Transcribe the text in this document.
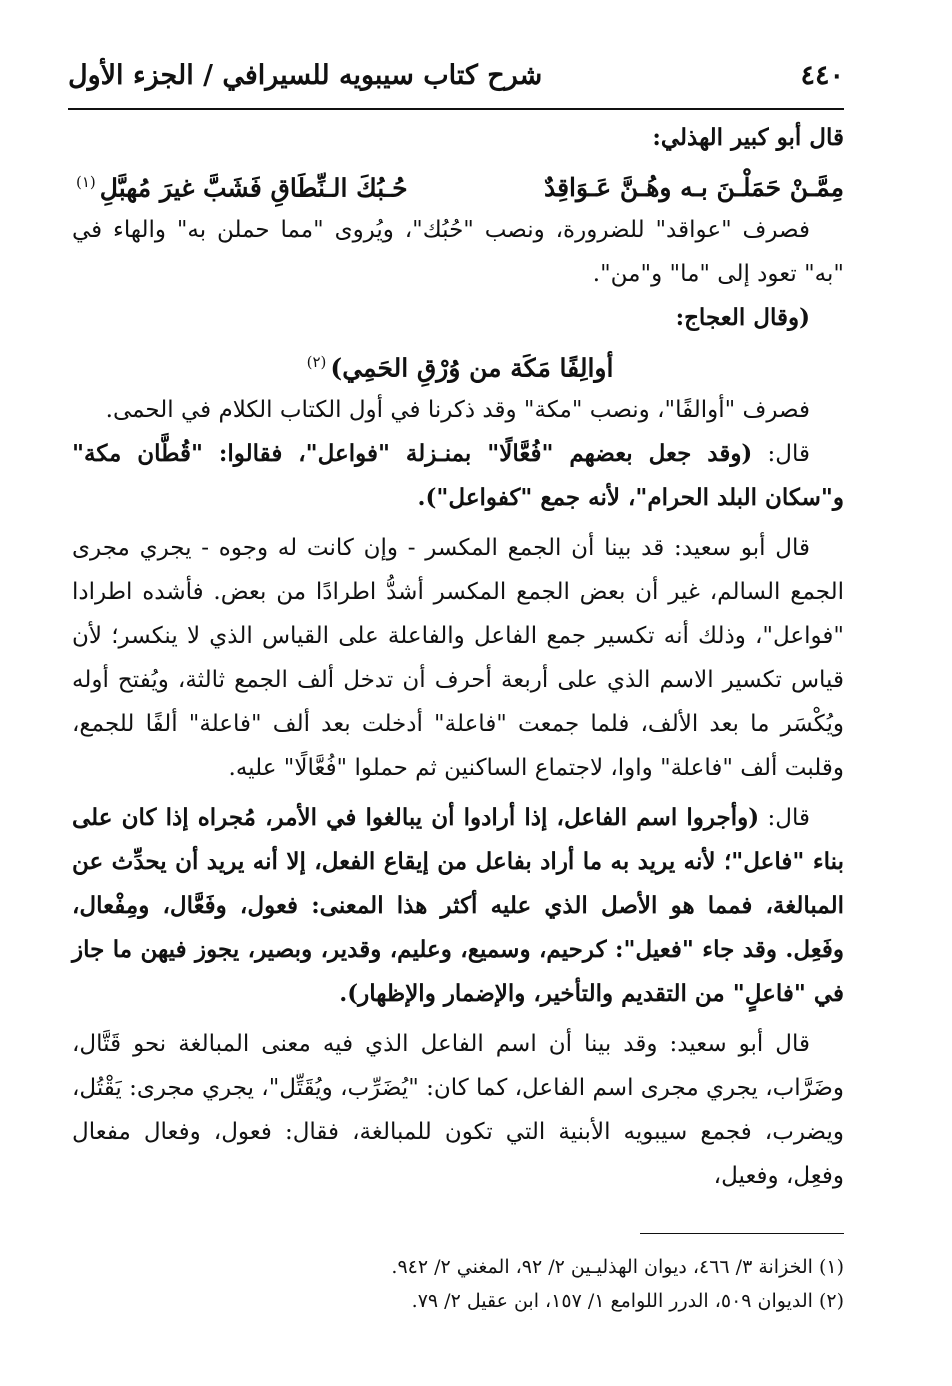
٤٤٠
شرح كتاب سيبويه للسيرافي / الجزء الأول

قال أبو كبير الهذلي:

مِمَّـنْ حَمَلْـنَ بـه وهُـنَّ عَـوَاقِدٌ
حُـبُكَ الـنِّطَاقِ فَشَبَّ غيرَ مُهبَّلِ$^{(١)}$

فصرف "عواقد" للضرورة، ونصب "حُبُك"، ويُروى "مما حملن به" والهاء في "به" تعود إلى "ما" و"من".

(وقال العجاج:

أوالِفًا مَكَة من وُرْقِ الحَمِي)$^{(٢)}$

فصرف "أوالفًا"، ونصب "مكة" وقد ذكرنا في أول الكتاب الكلام في الحمى.

قال: (وقد جعل بعضهم "فُعَّالًا" بمنـزلة "فواعل"، فقالوا: "قُطَّان مكة" و"سكان البلد الحرام"، لأنه جمع "كفواعل").

قال أبو سعيد: قد بينا أن الجمع المكسر - وإن كانت له وجوه - يجري مجرى الجمع السالم، غير أن بعض الجمع المكسر أشدُّ اطرادًا من بعض. فأشده اطرادا "فواعل"، وذلك أنه تكسير جمع الفاعل والفاعلة على القياس الذي لا ينكسر؛ لأن قياس تكسير الاسم الذي على أربعة أحرف أن تدخل ألف الجمع ثالثة، ويُفتح أوله ويُكْسَر ما بعد الألف، فلما جمعت "فاعلة" أدخلت بعد ألف "فاعلة" ألفًا للجمع، وقلبت ألف "فاعلة" واوا، لاجتماع الساكنين ثم حملوا "فُعَّالًا" عليه.

قال: (وأجروا اسم الفاعل، إذا أرادوا أن يبالغوا في الأمر، مُجراه إذا كان على بناء "فاعل"؛ لأنه يريد به ما أراد بفاعل من إيقاع الفعل، إلا أنه يريد أن يحدِّث عن المبالغة، فمما هو الأصل الذي عليه أكثر هذا المعنى: فعول، وفَعَّال، ومِفْعال، وفَعِل. وقد جاء "فعيل": كرحيم، وسميع، وعليم، وقدير، وبصير، يجوز فيهن ما جاز في "فاعلٍ" من التقديم والتأخير، والإضمار والإظهار).

قال أبو سعيد: وقد بينا أن اسم الفاعل الذي فيه معنى المبالغة نحو قَتَّال، وضَرَّاب، يجري مجرى اسم الفاعل، كما كان: "يُضَرِّب، ويُقَتِّل"، يجري مجرى: يَقْتُل، ويضرب، فجمع سيبويه الأبنية التي تكون للمبالغة، فقال: فعول، وفعال مفعال وفعِل، وفعيل،

(١) الخزانة ٣/ ٤٦٦، ديوان الهذليـين ٢/ ٩٢، المغني ٢/ ٩٤٢.

(٢) الديوان ٥٠٩، الدرر اللوامع ١/ ١٥٧، ابن عقيل ٢/ ٧٩.
